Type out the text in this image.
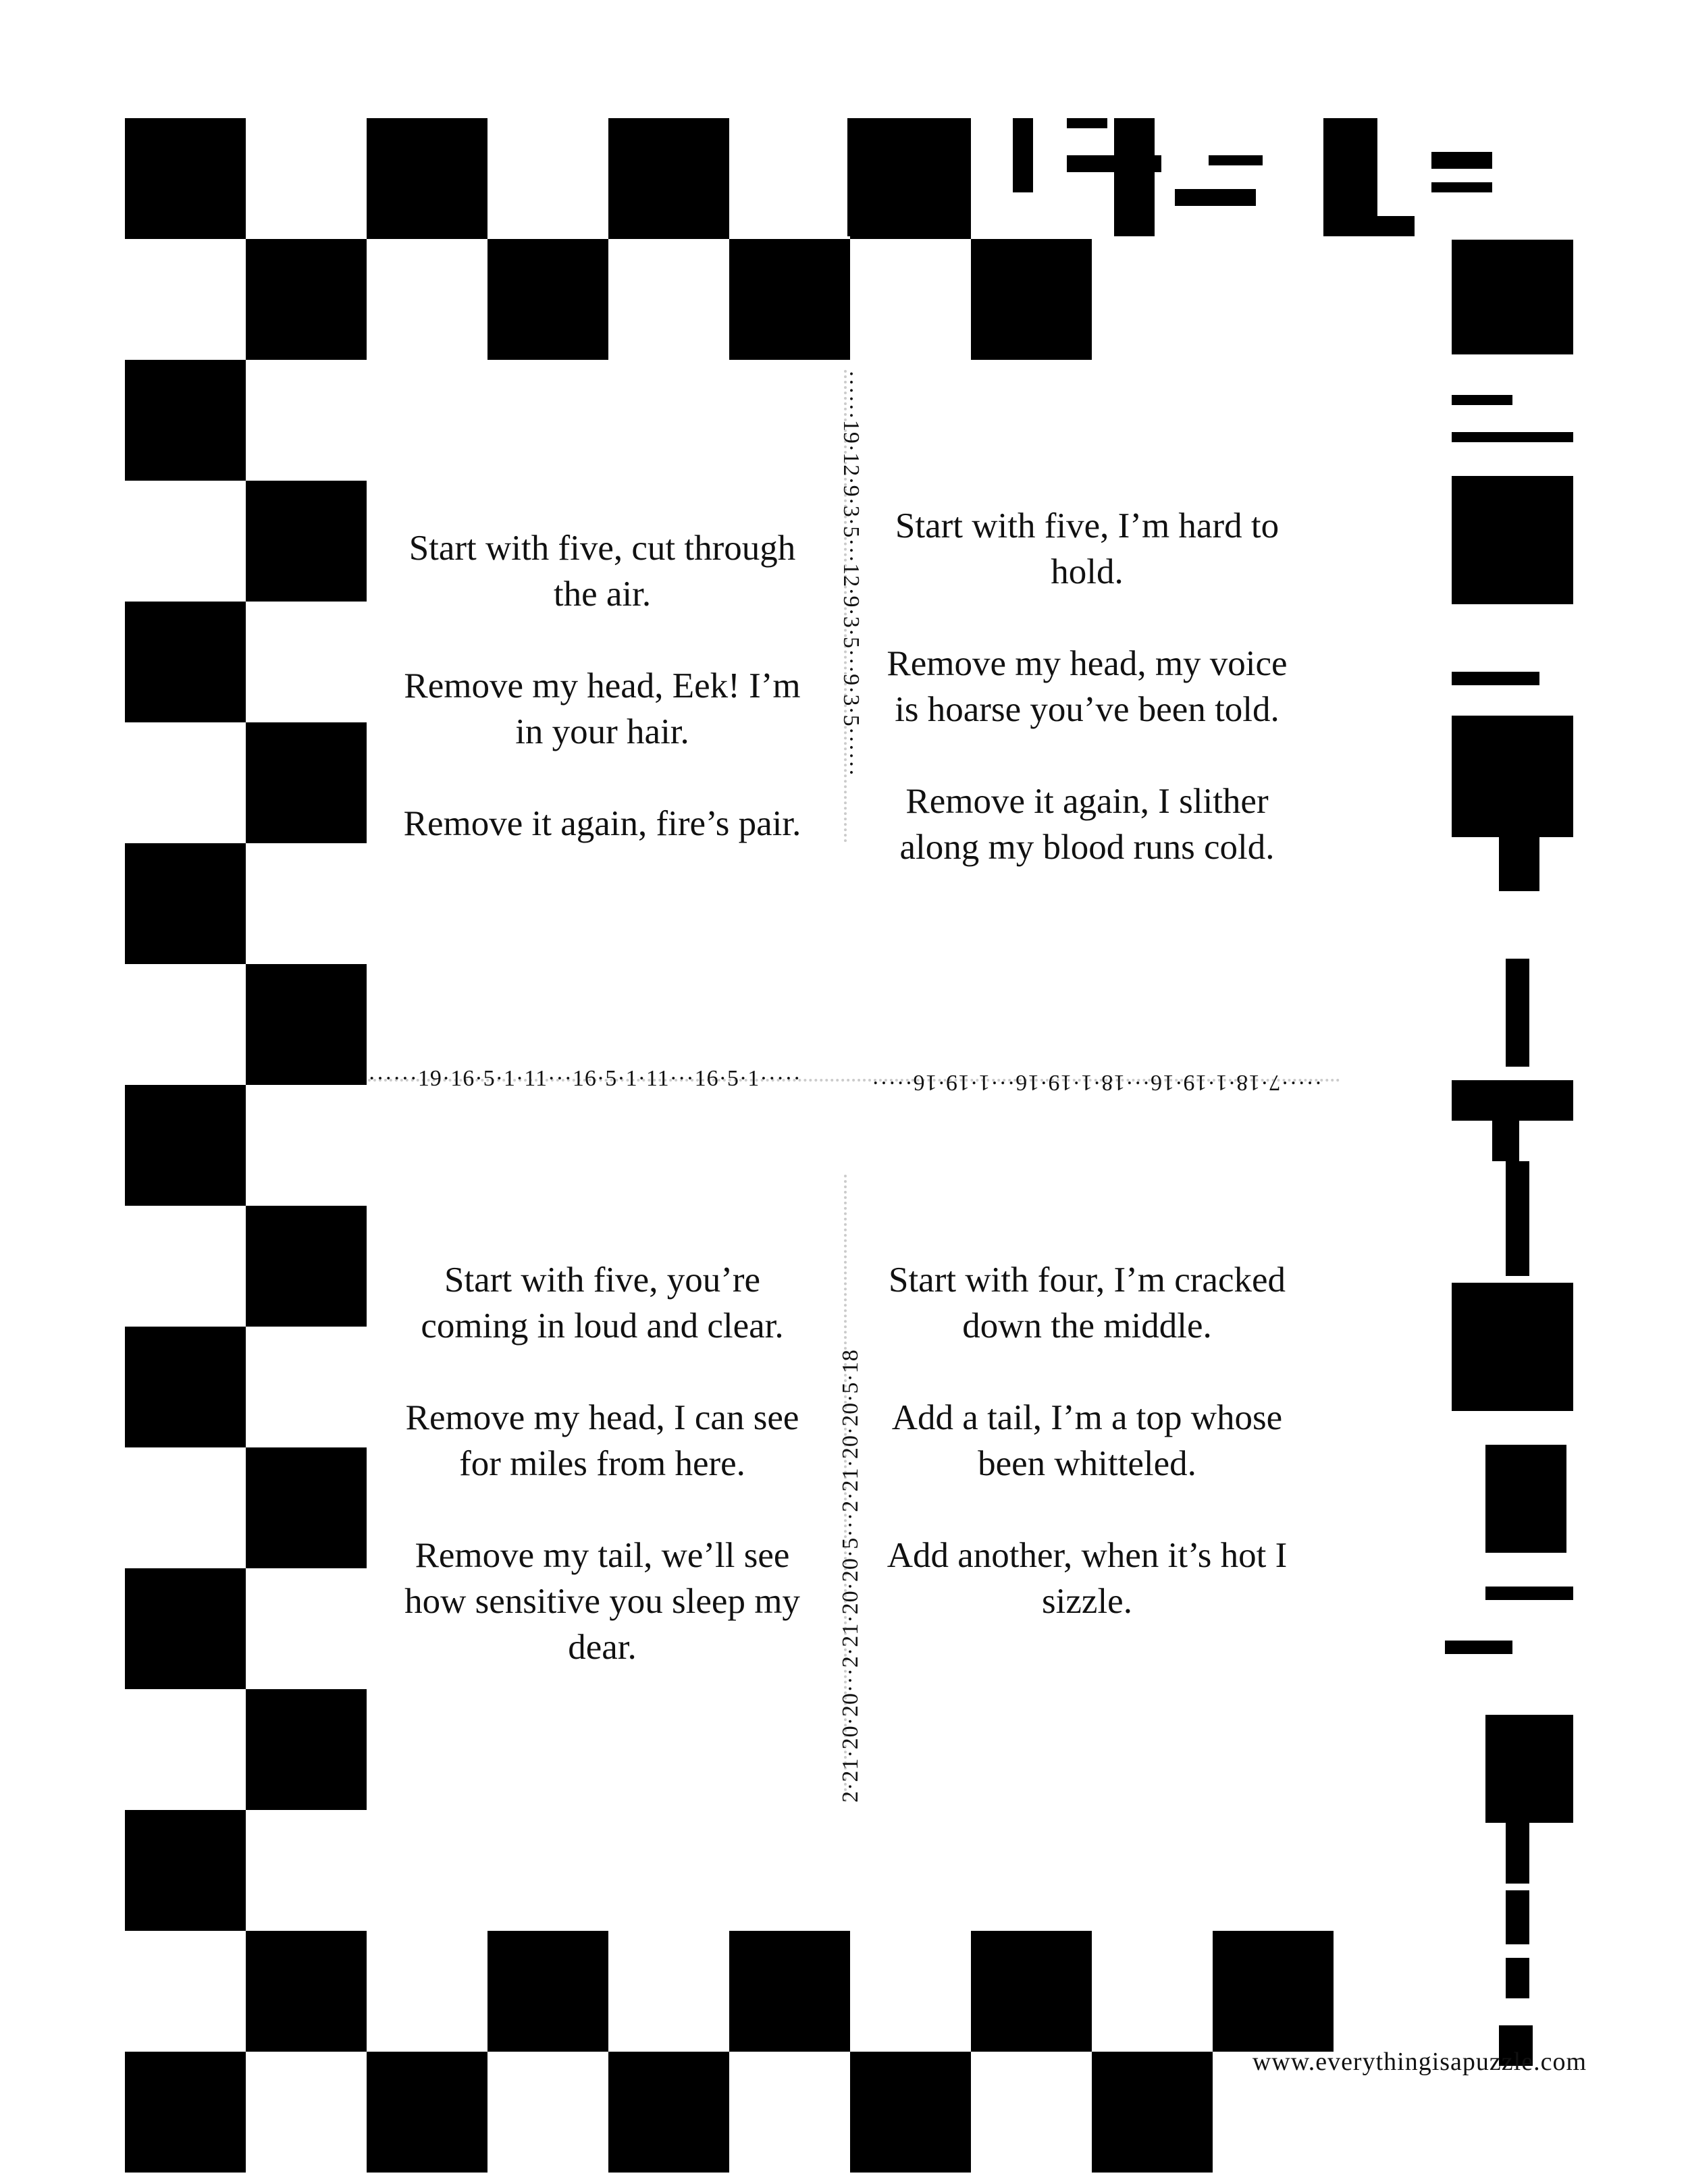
Start with five, cut through the air.

Remove my head, Eek! I’m in your hair.

Remove it again, fire’s pair.

Start with five, I’m hard to hold.

Remove my head, my voice is hoarse you’ve been told.

Remove it again, I slither along my blood runs cold.

Start with five, you’re coming in loud and clear.

Remove my head, I can see for miles from here.

Remove my tail, we’ll see how sensitive you sleep my dear.

Start with four, I’m cracked down the middle.

Add a tail, I’m a top whose been whitteled.

Add another, when it’s hot I sizzle.

······19·16·5·1·11···16·5·1·11···16·5·1·····	·····7·18·1·19·16···18·1·19·16···1·19·16·····
······19·12·9·3·5···12·9·3·5···9·3·5······
2·21·20·20···2·21·20·20·5···2·21·20·20·5·18
www.everythingisapuzzle.com
